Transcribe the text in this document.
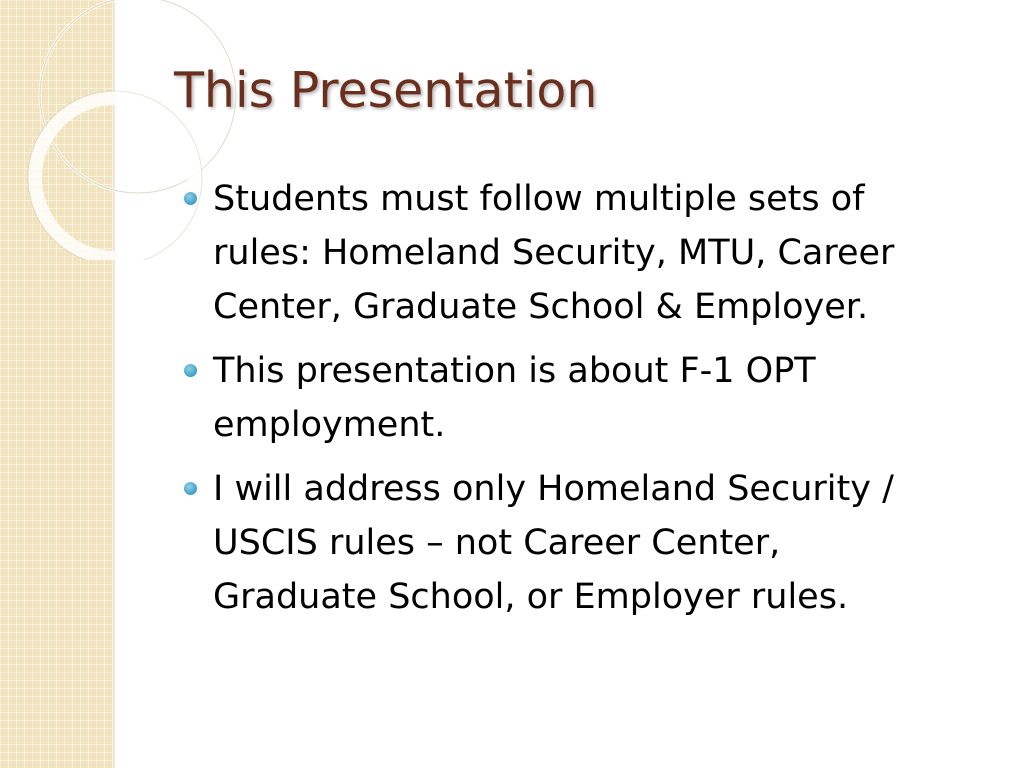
This Presentation
Students must follow multiple sets of rules: Homeland Security, MTU, Career Center, Graduate School & Employer.
This presentation is about F-1 OPT employment.
I will address only Homeland Security / USCIS rules – not Career Center, Graduate School, or Employer rules.
